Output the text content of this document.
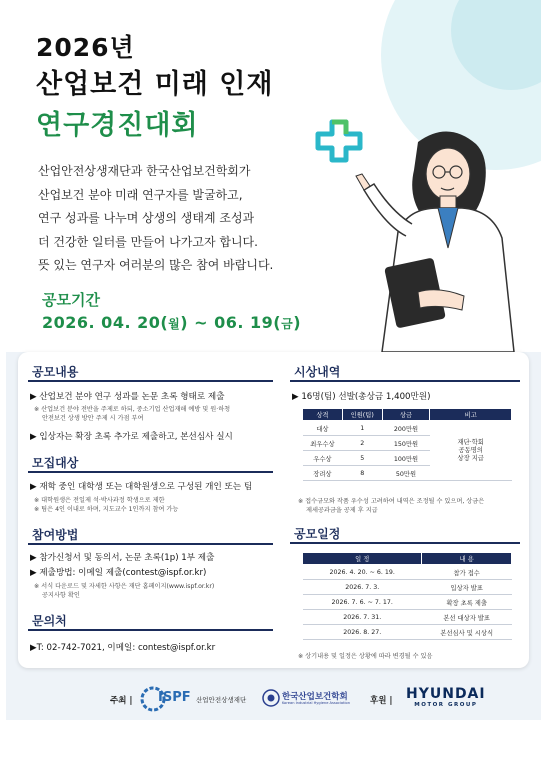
2026년
산업보건 미래 인재
연구경진대회

산업안전상생재단과 한국산업보건학회가

산업보건 분야 미래 연구자를 발굴하고,

연구 성과를 나누며 상생의 생태계 조성과

더 건강한 일터를 만들어 나가고자 합니다.

뜻 있는 연구자 여러분의 많은 참여 바랍니다.

공모기간
2026. 04. 20(월) ~ 06. 19(금)
공모내용
▶ 산업보건 분야 연구 성과를 논문 초록 형태로 제출
※ 산업보건 분야 전반을 주제로 하되, 중소기업 산업재해 예방 및 원·하청
안전보건 상생 방안 주제 시 가점 부여
▶ 입상자는 확장 초록 추가로 제출하고, 본선심사 실시
모집대상
▶ 재학 중인 대학생 또는 대학원생으로 구성된 개인 또는 팀
※ 대학원생은 전일제 석·박사과정 학생으로 제한
※ 팀은 4인 이내로 하며, 지도교수 1인까지 참여 가능
참여방법
▶ 참가신청서 및 동의서, 논문 초록(1p) 1부 제출
▶ 제출방법: 이메일 제출(contest@ispf.or.kr)
※ 서식 다운로드 및 자세한 사항은 재단 홈페이지(www.ispf.or.kr)
공지사항 확인
문의처
▶T: 02-742-7021, 이메일: contest@ispf.or.kr
시상내역
▶ 16명(팀) 선발(총상금 1,400만원)
상격	인원(팀)	상금	비고
대상	1	200만원	재단·학회
공동명의
상장 지급

최우수상	2	150만원	
우수상	5	100만원	
장려상	8	50만원	
※ 접수규모와 작품 우수성 고려하여 내역은 조정될 수 있으며, 상금은
제세공과금을 공제 후 지급
공모일정
일 정	내 용
2026. 4. 20. ~ 6. 19.	참가 접수
2026. 7. 3.	입상자 발표
2026. 7. 6. ~ 7. 17.	확장 초록 제출
2026. 7. 31.	본선 대상자 발표
2026. 8. 27.	본선심사 및 시상식
※ 상기내용 및 일정은 상황에 따라 변경될 수 있음
주최 | ISPF 산업안전상생재단	한국산업보건학회
Korean Industrial Hygiene Association 후원 | HYUNDAI
MOTOR GROUP
